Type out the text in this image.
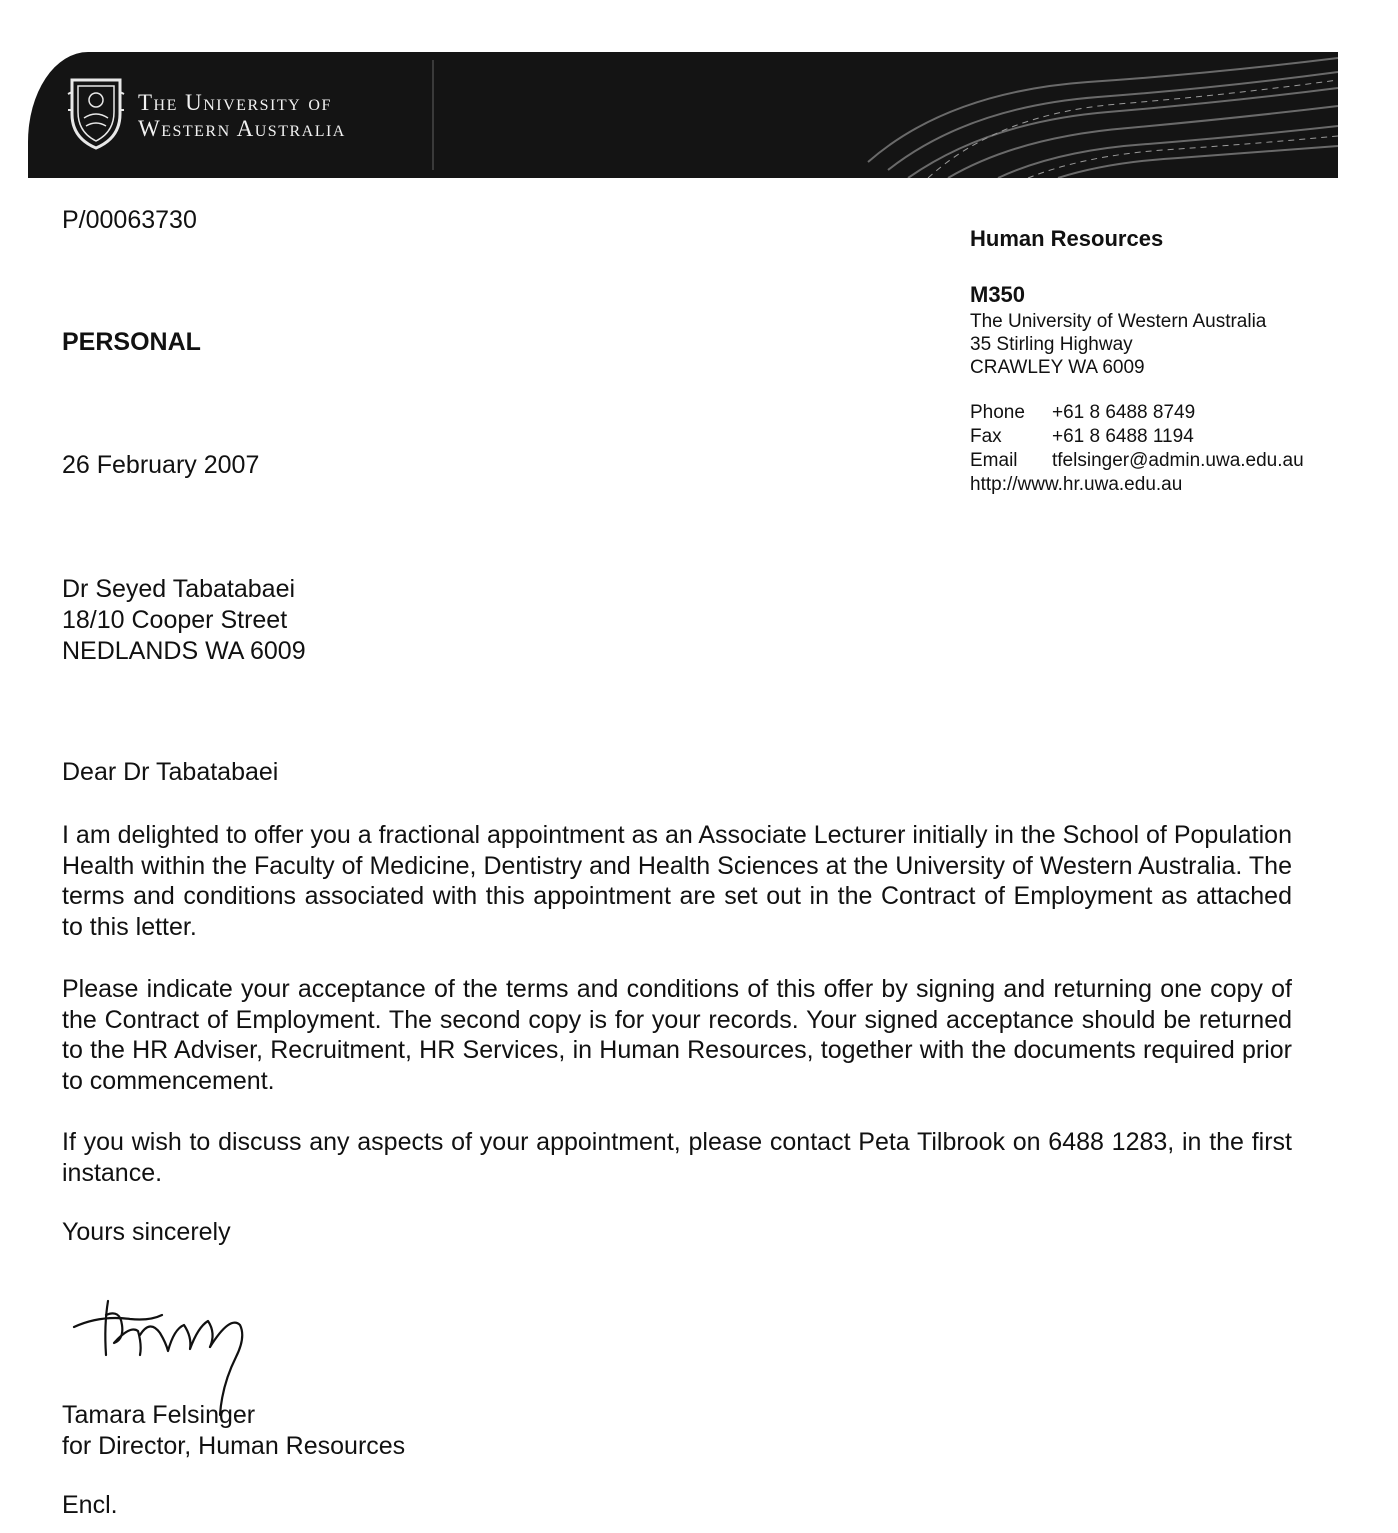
The University of
Western Australia
P/00063730
PERSONAL
26 February 2007
Human Resources
M350
The University of Western Australia
35 Stirling Highway
CRAWLEY WA 6009
Phone	+61 8 6488 8749
Fax	+61 8 6488 1194
Email	tfelsinger@admin.uwa.edu.au
http://www.hr.uwa.edu.au
Dr Seyed Tabatabaei
18/10 Cooper Street
NEDLANDS WA 6009
Dear Dr Tabatabaei

I am delighted to offer you a fractional appointment as an Associate Lecturer initially in the School of Population Health within the Faculty of Medicine, Dentistry and Health Sciences at the University of Western Australia. The terms and conditions associated with this appointment are set out in the Contract of Employment as attached to this letter.

Please indicate your acceptance of the terms and conditions of this offer by signing and returning one copy of the Contract of Employment. The second copy is for your records. Your signed acceptance should be returned to the HR Adviser, Recruitment, HR Services, in Human Resources, together with the documents required prior to commencement.

If you wish to discuss any aspects of your appointment, please contact Peta Tilbrook on 6488 1283, in the first instance.

Yours sincerely
Tamara Felsinger
for Director, Human Resources
Encl.
